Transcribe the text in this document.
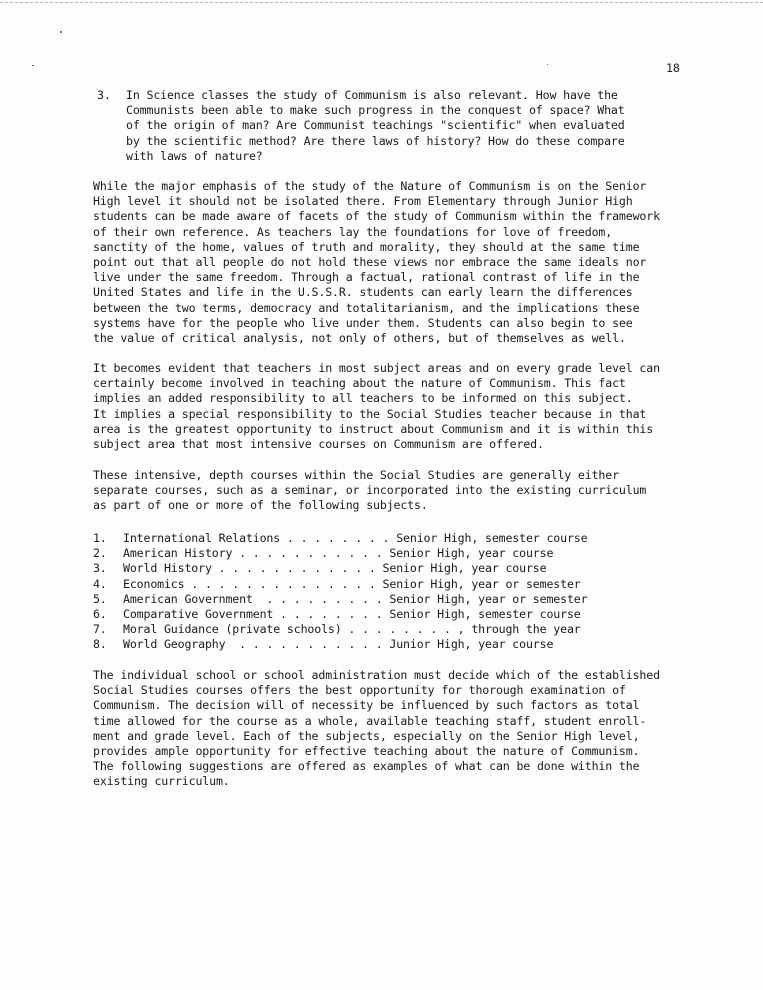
18

3. In Science classes the study of Communism is also relevant. How have the
Communists been able to make such progress in the conquest of space? What
of the origin of man? Are Communist teachings "scientific" when evaluated
by the scientific method? Are there laws of history? How do these compare
with laws of nature?

While the major emphasis of the study of the Nature of Communism is on the Senior
High level it should not be isolated there. From Elementary through Junior High
students can be made aware of facets of the study of Communism within the framework
of their own reference. As teachers lay the foundations for love of freedom,
sanctity of the home, values of truth and morality, they should at the same time
point out that all people do not hold these views nor embrace the same ideals nor
live under the same freedom. Through a factual, rational contrast of life in the
United States and life in the U.S.S.R. students can early learn the differences
between the two terms, democracy and totalitarianism, and the implications these
systems have for the people who live under them. Students can also begin to see
the value of critical analysis, not only of others, but of themselves as well.

It becomes evident that teachers in most subject areas and on every grade level can
certainly become involved in teaching about the nature of Communism. This fact
implies an added responsibility to all teachers to be informed on this subject.
It implies a special responsibility to the Social Studies teacher because in that
area is the greatest opportunity to instruct about Communism and it is within this
subject area that most intensive courses on Communism are offered.

These intensive, depth courses within the Social Studies are generally either
separate courses, such as a seminar, or incorporated into the existing curriculum
as part of one or more of the following subjects.

1. International Relations . . . . . . . . Senior High, semester course
2. American History . . . . . . . . . . . Senior High, year course
3. World History . . . . . . . . . . . . Senior High, year course
4. Economics . . . . . . . . . . . . . . Senior High, year or semester
5. American Government  . . . . . . . . . Senior High, year or semester
6. Comparative Government . . . . . . . . Senior High, semester course
7. Moral Guidance (private schools) . . . . . . . . , through the year
8. World Geography  . . . . . . . . . . . Junior High, year course

The individual school or school administration must decide which of the established
Social Studies courses offers the best opportunity for thorough examination of
Communism. The decision will of necessity be influenced by such factors as total
time allowed for the course as a whole, available teaching staff, student enroll-
ment and grade level. Each of the subjects, especially on the Senior High level,
provides ample opportunity for effective teaching about the nature of Communism.
The following suggestions are offered as examples of what can be done within the
existing curriculum.
